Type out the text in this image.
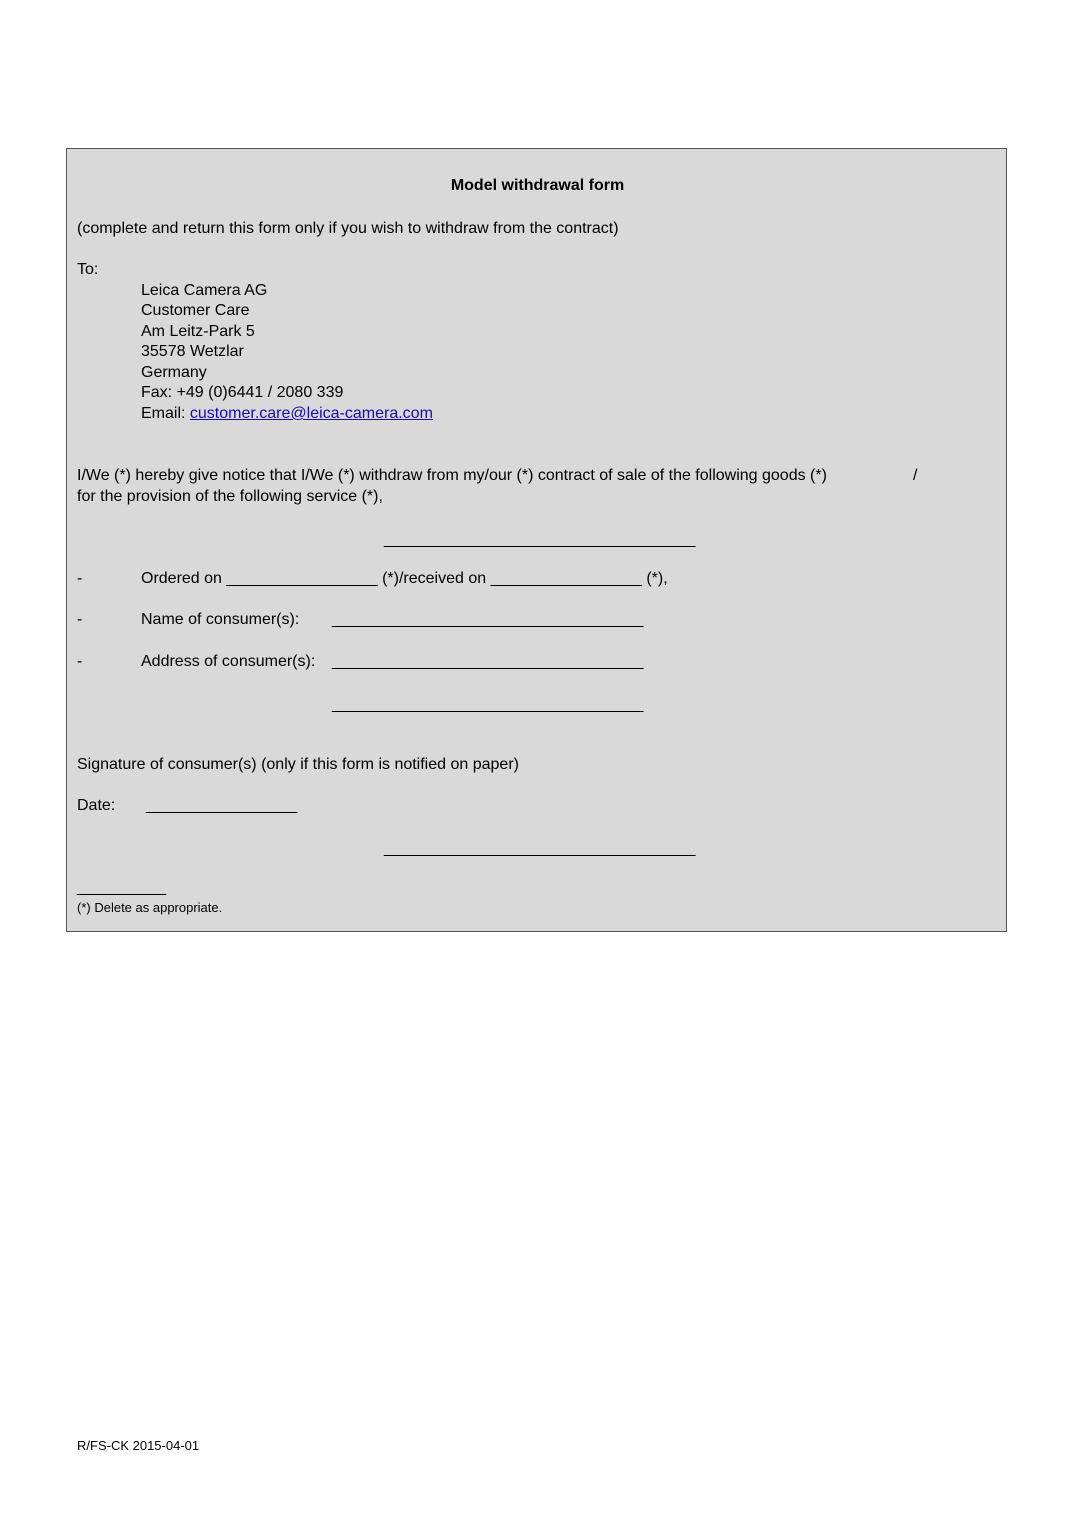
Model withdrawal form
(complete and return this form only if you wish to withdraw from the contract)
To:
Leica Camera AG
Customer Care
Am Leitz-Park 5
35578 Wetzlar
Germany
Fax: +49 (0)6441 / 2080 339
Email: customer.care@leica-camera.com
I/We (*) hereby give notice that I/We (*) withdraw from my/our (*) contract of sale of the following goods (*)	/
for the provision of the following service (*),
___________________________________
-	Ordered on _________________ (*)/received on _________________ (*),
-	Name of consumer(s): ___________________________________
-	Address of consumer(s): ___________________________________
___________________________________
Signature of consumer(s) (only if this form is notified on paper)
Date: _________________
___________________________________
__________
(*) Delete as appropriate.
R/FS-CK 2015-04-01
